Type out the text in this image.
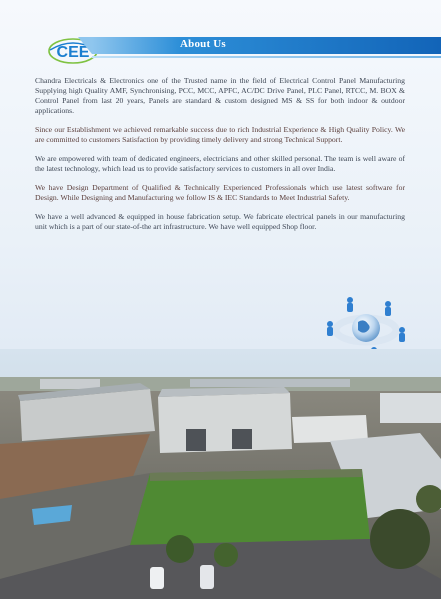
CEE	About Us

Chandra Electricals & Electronics one of the Trusted name in the field of Electrical Control Panel Manufacturing Supplying high Quality AMF, Synchronising, PCC, MCC, APFC, AC/DC Drive Panel, PLC Panel, RTCC, M. BOX & Control Panel from last 20 years, Panels are standard & custom designed MS & SS for both indoor & outdoor applications.

Since our Establishment we achieved remarkable success due to rich Industrial Experience & High Quality Policy. We are committed to customers Satisfaction by providing timely delivery and strong Technical Support.

We are empowered with team of dedicated engineers, electricians and other skilled personal. The team is well aware of the latest technology, which lead us to provide satisfactory services to customers in all over India.

We have Design Department of Qualified & Technically Experienced Professionals which use latest software for Design. While Designing and Manufacturing we follow IS & IEC Standards to Meet Industrial Safety.

We have a well advanced & equipped in house fabrication setup. We fabricate electrical panels in our manufacturing unit which is a part of our state-of-the art infrastructure. We have well equipped Shop floor.
